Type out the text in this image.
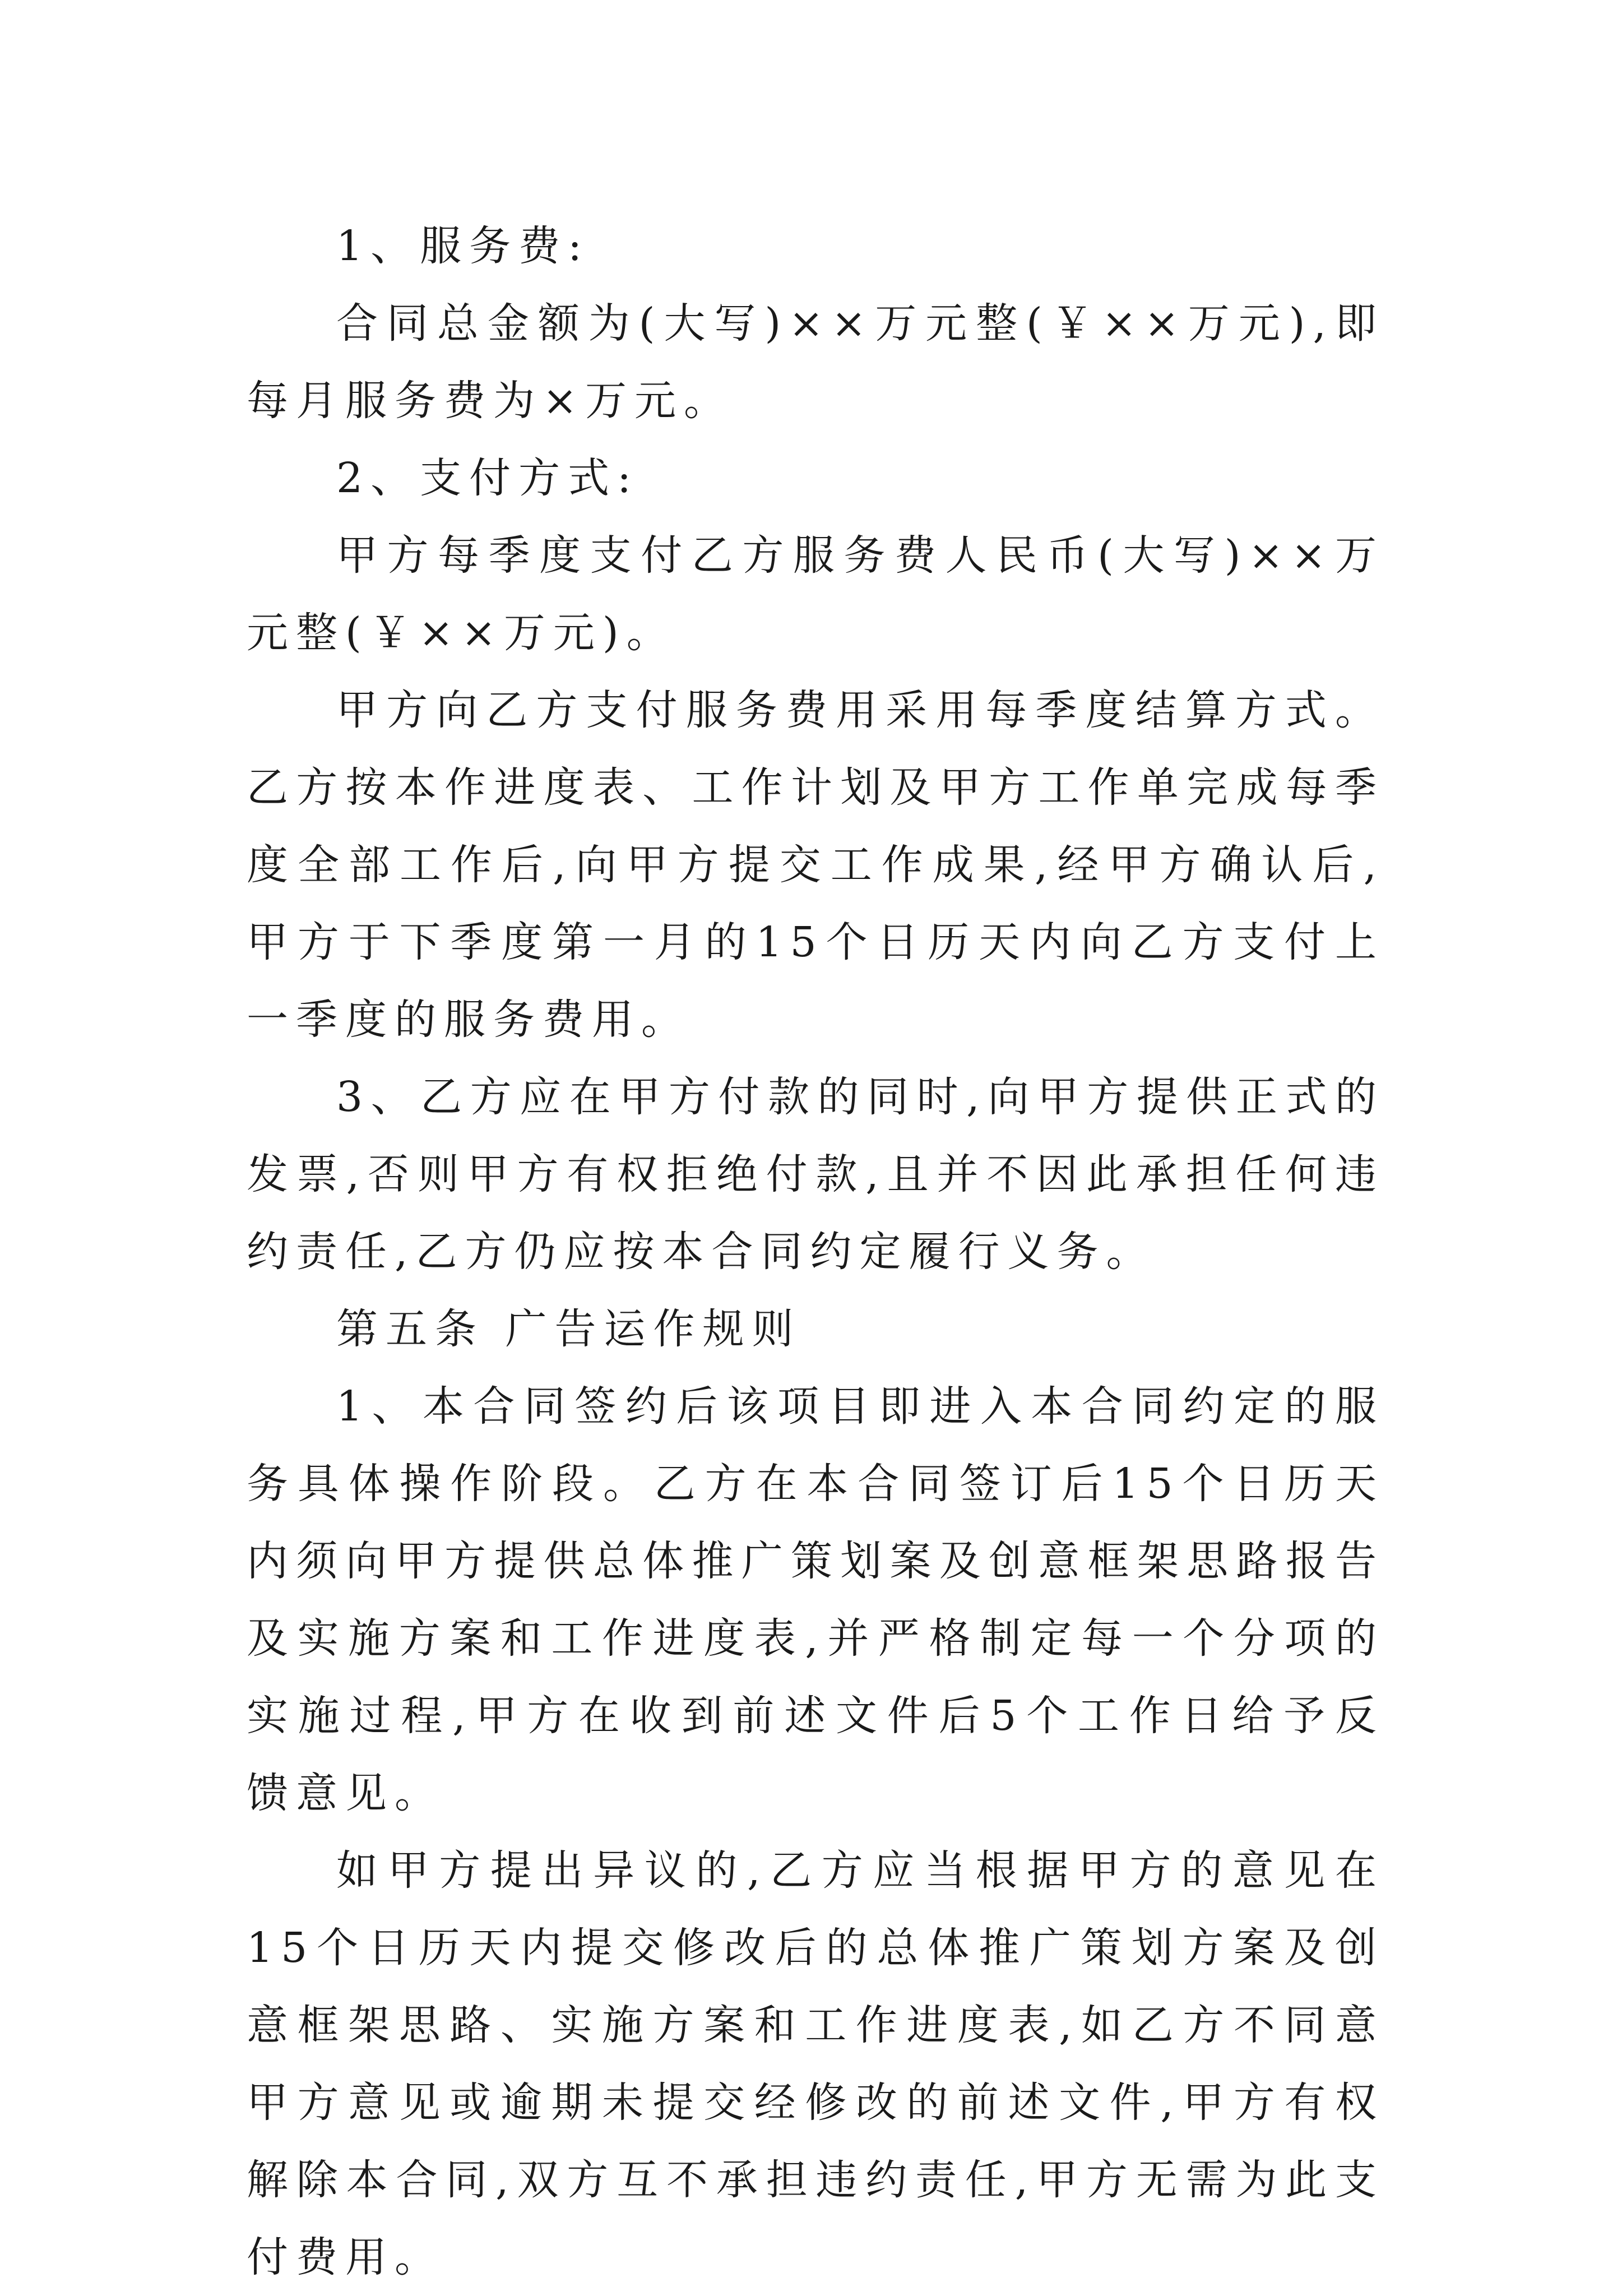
1、服务费:

合同总金额为(大写)××万元整(￥××万元),即每月服务费为×万元。

2、支付方式:

甲方每季度支付乙方服务费人民币(大写)××万元整(￥××万元)。

甲方向乙方支付服务费用采用每季度结算方式。乙方按本作进度表、工作计划及甲方工作单完成每季度全部工作后,向甲方提交工作成果,经甲方确认后,甲方于下季度第一月的15个日历天内向乙方支付上一季度的服务费用。

3、乙方应在甲方付款的同时,向甲方提供正式的发票,否则甲方有权拒绝付款,且并不因此承担任何违约责任,乙方仍应按本合同约定履行义务。

第五条 广告运作规则

1、本合同签约后该项目即进入本合同约定的服务具体操作阶段。乙方在本合同签订后15个日历天内须向甲方提供总体推广策划案及创意框架思路报告及实施方案和工作进度表,并严格制定每一个分项的实施过程,甲方在收到前述文件后5个工作日给予反馈意见。

如甲方提出异议的,乙方应当根据甲方的意见在15个日历天内提交修改后的总体推广策划方案及创意框架思路、实施方案和工作进度表,如乙方不同意甲方意见或逾期未提交经修改的前述文件,甲方有权解除本合同,双方互不承担违约责任,甲方无需为此支付费用。
